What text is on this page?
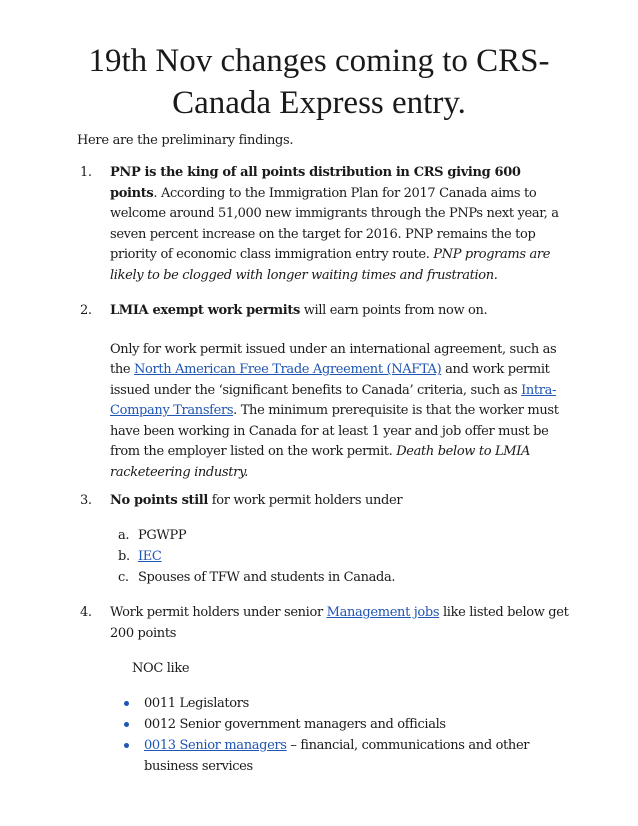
19th Nov changes coming to CRS-
Canada Express entry.

Here are the preliminary findings.

1.	PNP is the king of all points distribution in CRS giving 600 points. According to the Immigration Plan for 2017 Canada aims to welcome around 51,000 new immigrants through the PNPs next year, a seven percent increase on the target for 2016. PNP remains the top priority of economic class immigration entry route. PNP programs are likely to be clogged with longer waiting times and frustration.

2.	LMIA exempt work permits will earn points from now on.

Only for work permit issued under an international agreement, such as the North American Free Trade Agreement (NAFTA) and work permit issued under the ‘significant benefits to Canada’ criteria, such as Intra-Company Transfers. The minimum prerequisite is that the worker must have been working in Canada for at least 1 year and job offer must be from the employer listed on the work permit. Death below to LMIA racketeering industry.

3.	No points still for work permit holders under

a. PGWPP
b. IEC
c. Spouses of TFW and students in Canada.
4.	Work permit holders under senior Management jobs like listed below get 200 points

NOC like

0011 Legislators
0012 Senior government managers and officials
0013 Senior managers – financial, communications and other business services
